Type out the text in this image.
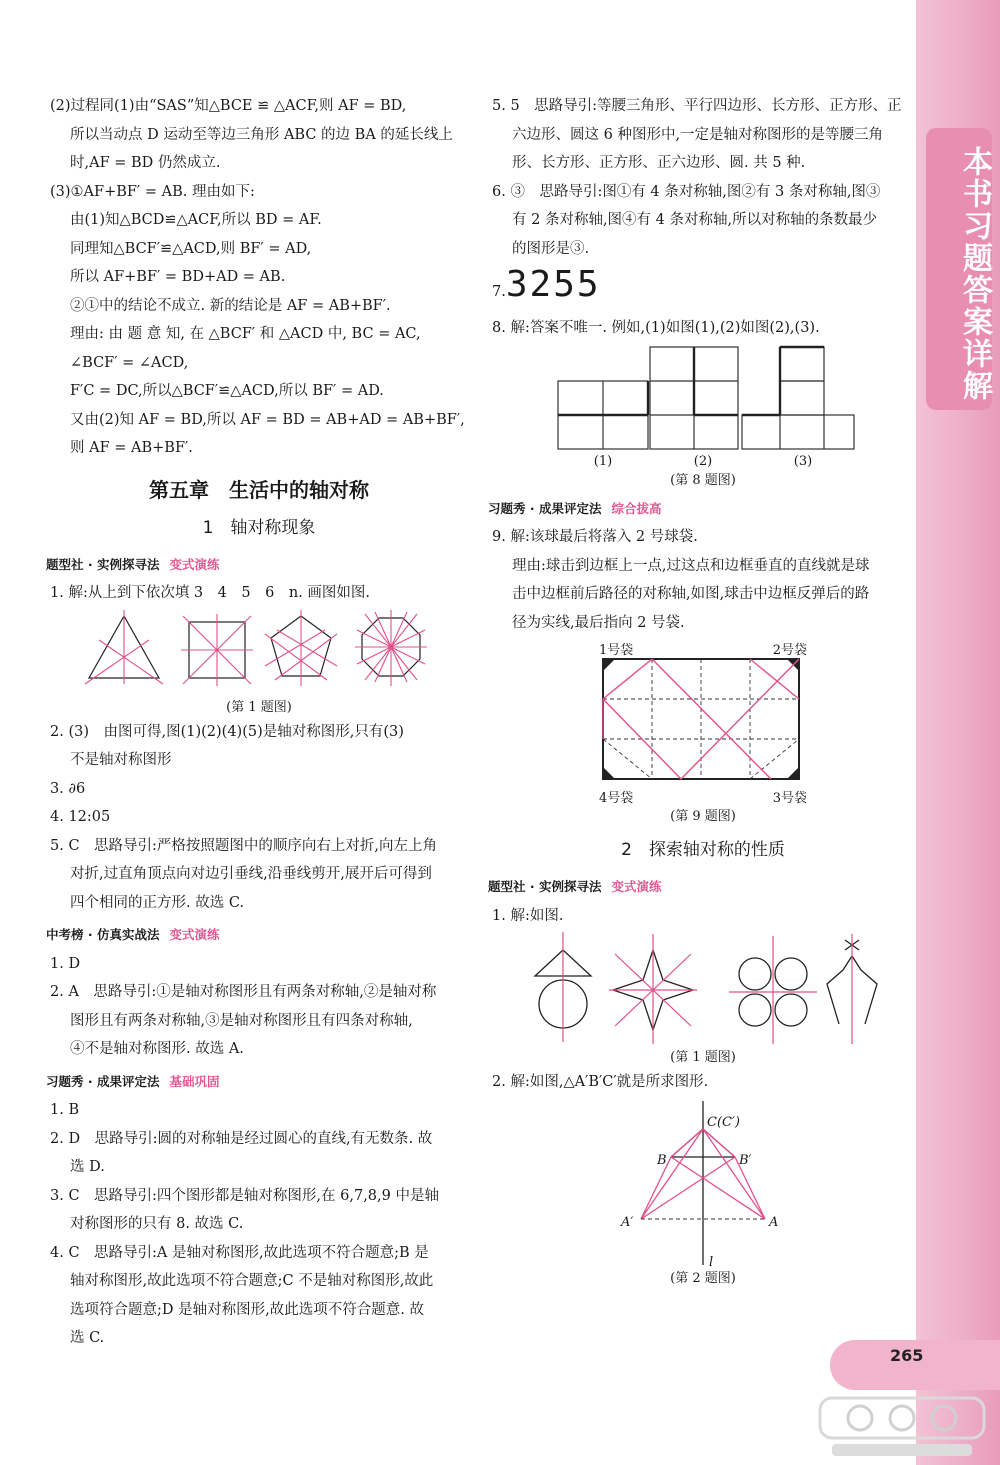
(2)过程同(1)由“SAS”知△BCE ≌ △ACF,则 AF = BD,

所以当动点 D 运动至等边三角形 ABC 的边 BA 的延长线上

时,AF = BD 仍然成立.

(3)①AF+BF′ = AB. 理由如下:

由(1)知△BCD≌△ACF,所以 BD = AF.

同理知△BCF′≌△ACD,则 BF′ = AD,

所以 AF+BF′ = BD+AD = AB.

②①中的结论不成立. 新的结论是 AF = AB+BF′.

理由: 由 题 意 知, 在 △BCF′ 和 △ACD 中, BC = AC,

∠BCF′ = ∠ACD,

F′C = DC,所以△BCF′≌△ACD,所以 BF′ = AD.

又由(2)知 AF = BD,所以 AF = BD = AB+AD = AB+BF′,

则 AF = AB+BF′.

第五章　生活中的轴对称
1　轴对称现象
题型社 · 实例探寻法 变式演练

1. 解:从上到下依次填 3　4　5　6　n. 画图如图.

(第 1 题图)

2. (3)　由图可得,图(1)(2)(4)(5)是轴对称图形,只有(3)

不是轴对称图形

3. ∂6

4. 12:05

5. C　思路导引:严格按照题图中的顺序向右上对折,向左上角

对折,过直角顶点向对边引垂线,沿垂线剪开,展开后可得到

四个相同的正方形. 故选 C.

中考榜 · 仿真实战法 变式演练

1. D

2. A　思路导引:①是轴对称图形且有两条对称轴,②是轴对称

图形且有两条对称轴,③是轴对称图形且有四条对称轴,

④不是轴对称图形. 故选 A.

习题秀 · 成果评定法 基础巩固

1. B

2. D　思路导引:圆的对称轴是经过圆心的直线,有无数条. 故

选 D.

3. C　思路导引:四个图形都是轴对称图形,在 6,7,8,9 中是轴

对称图形的只有 8. 故选 C.

4. C　思路导引:A 是轴对称图形,故此选项不符合题意;B 是

轴对称图形,故此选项不符合题意;C 不是轴对称图形,故此

选项符合题意;D 是轴对称图形,故此选项不符合题意. 故

选 C.

5. 5　思路导引:等腰三角形、平行四边形、长方形、正方形、正

六边形、圆这 6 种图形中,一定是轴对称图形的是等腰三角

形、长方形、正方形、正六边形、圆. 共 5 种.

6. ③　思路导引:图①有 4 条对称轴,图②有 3 条对称轴,图③

有 2 条对称轴,图④有 4 条对称轴,所以对称轴的条数最少

的图形是③.

7.3255

8. 解:答案不唯一. 例如,(1)如图(1),(2)如图(2),(3).

(1)	(2)	(3)
(第 8 题图)
习题秀 · 成果评定法 综合拔高

9. 解:该球最后将落入 2 号球袋.

理由:球击到边框上一点,过这点和边框垂直的直线就是球

击中边框前后路径的对称轴,如图,球击中边框反弹后的路

径为实线,最后指向 2 号袋.

1号袋	2号袋
4号袋	3号袋
(第 9 题图)
2　探索轴对称的性质
题型社 · 实例探寻法 变式演练

1. 解:如图.

(第 1 题图)

2. 解:如图,△A′B′C′就是所求图形.

C(C′)
B	B′
A′	A
l
(第 2 题图)
本书习题答案详解
265
